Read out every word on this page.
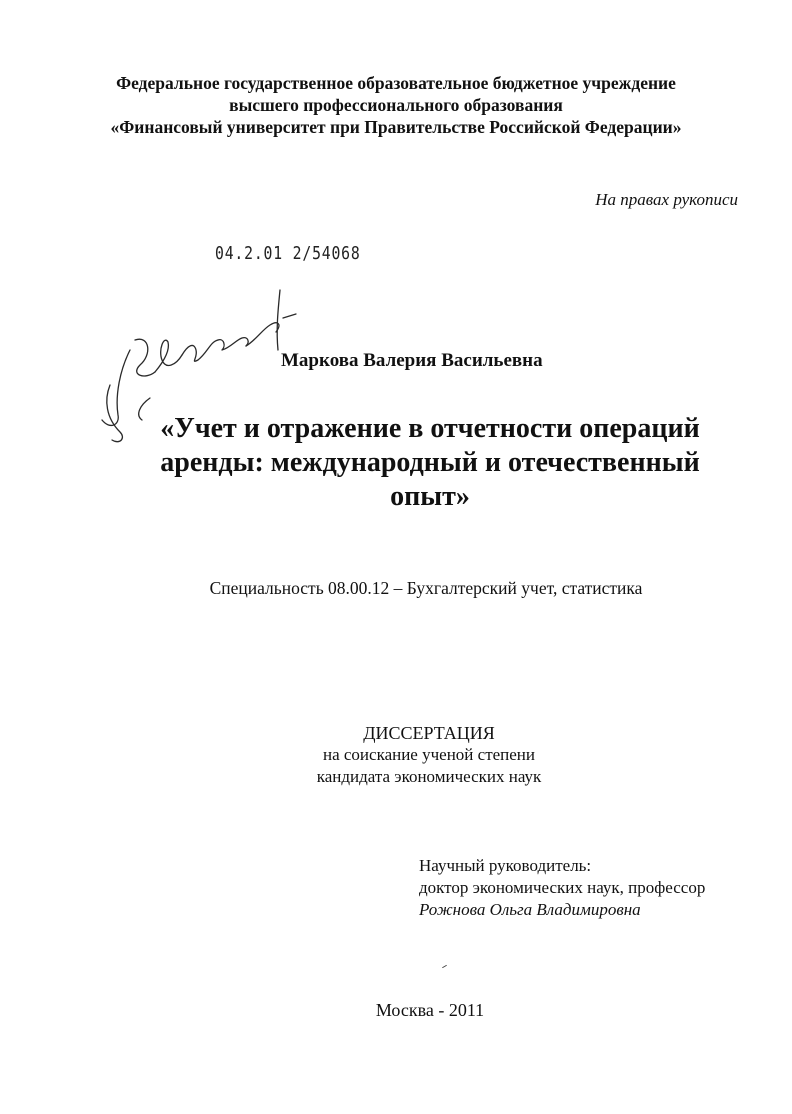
Федеральное государственное образовательное бюджетное учреждение
высшего профессионального образования
«Финансовый университет при Правительстве Российской Федерации»
На правах рукописи
04.2.01 2/54068
Маркова Валерия Васильевна
«Учет и отражение в отчетности операций
аренды: международный и отечественный
опыт»
Специальность 08.00.12 – Бухгалтерский учет, статистика
ДИССЕРТАЦИЯ
на соискание ученой степени
кандидата экономических наук
Научный руководитель:
доктор экономических наук, профессор
Рожнова Ольга Владимировна
Москва - 2011
